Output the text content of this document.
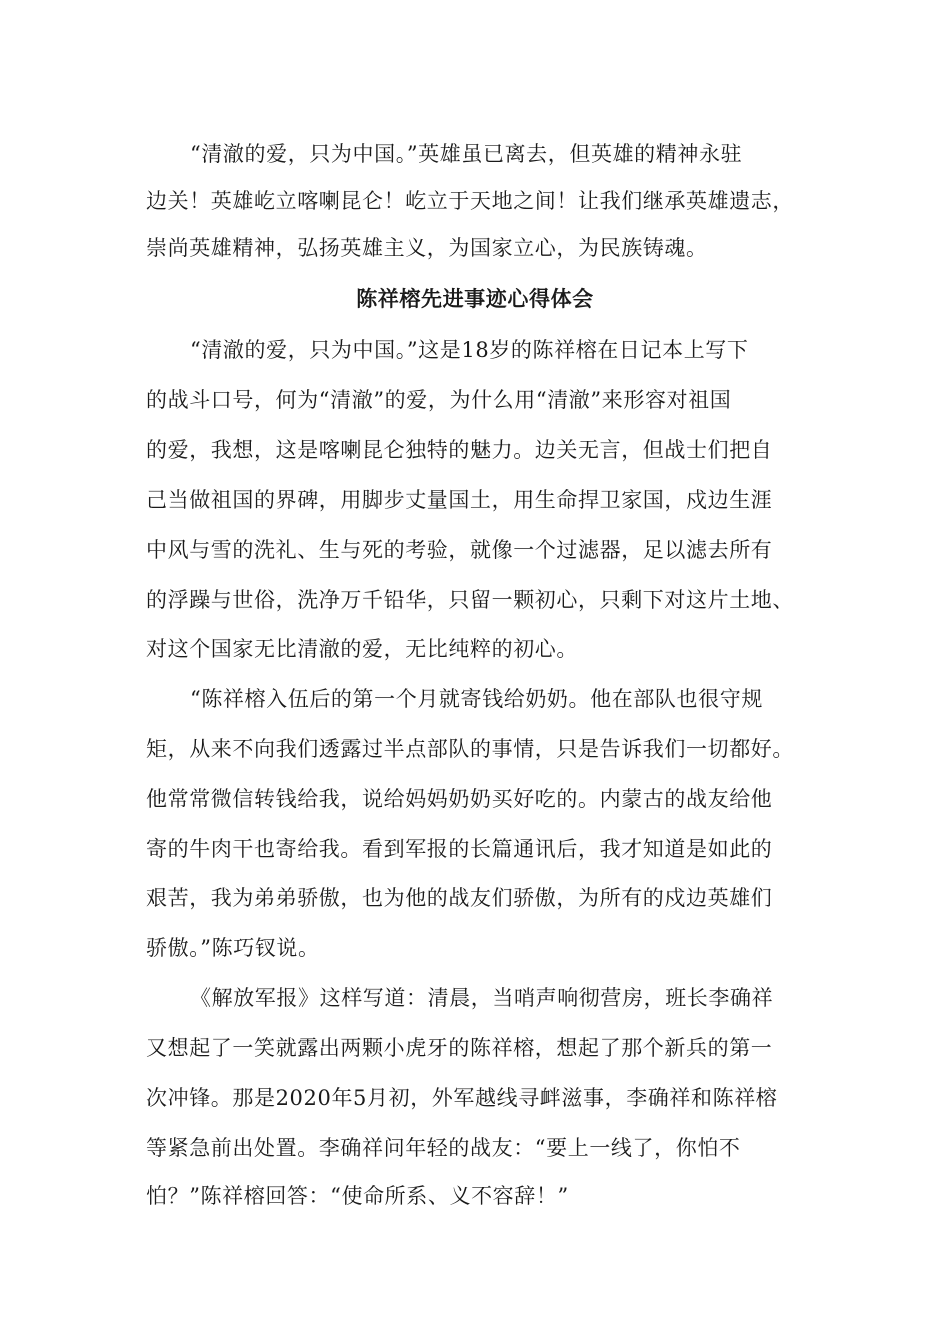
“清澈的爱，只为中国。”英雄虽已离去，但英雄的精神永驻
边关！英雄屹立喀喇昆仑！屹立于天地之间！让我们继承英雄遗志，
崇尚英雄精神，弘扬英雄主义，为国家立心，为民族铸魂。
陈祥榕先进事迹心得体会
“清澈的爱，只为中国。”这是18岁的陈祥榕在日记本上写下
的战斗口号，何为“清澈”的爱，为什么用“清澈”来形容对祖国
的爱，我想，这是喀喇昆仑独特的魅力。边关无言，但战士们把自
己当做祖国的界碑，用脚步丈量国土，用生命捍卫家国，戍边生涯
中风与雪的洗礼、生与死的考验，就像一个过滤器，足以滤去所有
的浮躁与世俗，洗净万千铅华，只留一颗初心，只剩下对这片土地、
对这个国家无比清澈的爱，无比纯粹的初心。
“陈祥榕入伍后的第一个月就寄钱给奶奶。他在部队也很守规
矩，从来不向我们透露过半点部队的事情，只是告诉我们一切都好。
他常常微信转钱给我，说给妈妈奶奶买好吃的。内蒙古的战友给他
寄的牛肉干也寄给我。看到军报的长篇通讯后，我才知道是如此的
艰苦，我为弟弟骄傲，也为他的战友们骄傲，为所有的戍边英雄们
骄傲。”陈巧钗说。
《解放军报》这样写道：清晨，当哨声响彻营房，班长李确祥
又想起了一笑就露出两颗小虎牙的陈祥榕，想起了那个新兵的第一
次冲锋。那是2020年5月初，外军越线寻衅滋事，李确祥和陈祥榕
等紧急前出处置。李确祥问年轻的战友：“要上一线了，你怕不
怕？”陈祥榕回答：“使命所系、义不容辞！”
